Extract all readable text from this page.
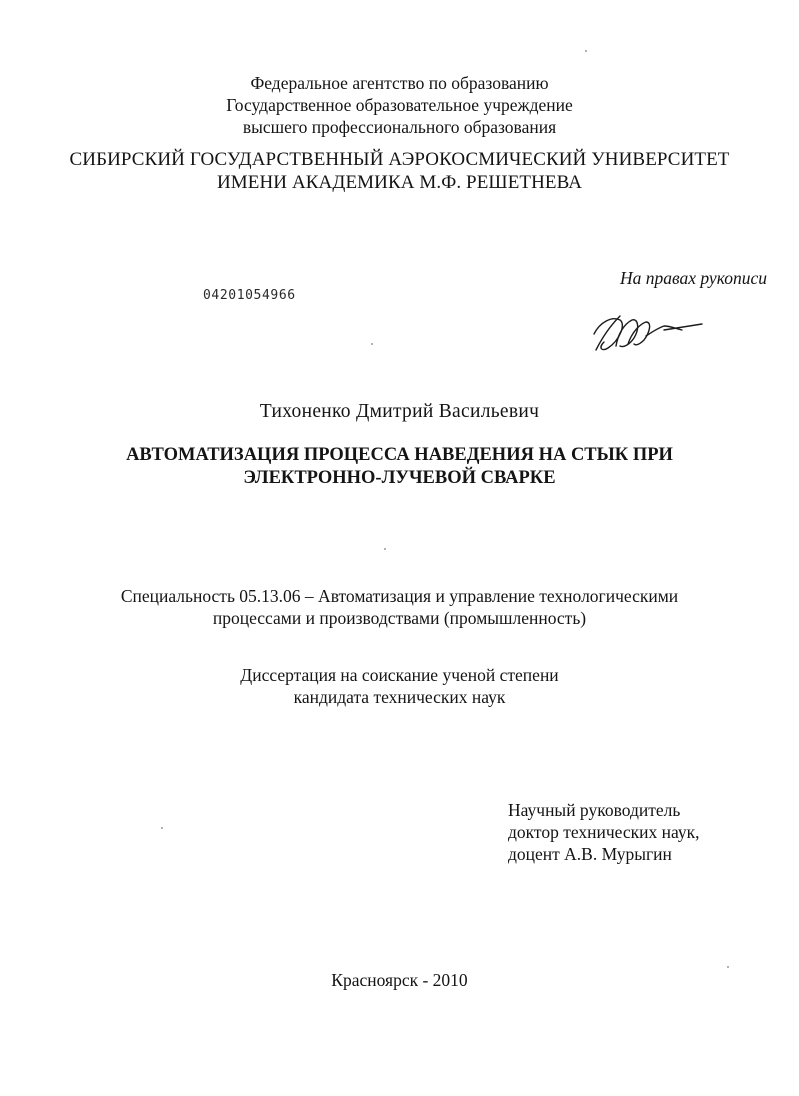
Федеральное агентство по образованию
Государственное образовательное учреждение
высшего профессионального образования
СИБИРСКИЙ ГОСУДАРСТВЕННЫЙ АЭРОКОСМИЧЕСКИЙ УНИВЕРСИТЕТ
ИМЕНИ АКАДЕМИКА М.Ф. РЕШЕТНЕВА
На правах рукописи
04201054966
Тихоненко Дмитрий Васильевич
АВТОМАТИЗАЦИЯ ПРОЦЕССА НАВЕДЕНИЯ НА СТЫК ПРИ
ЭЛЕКТРОННО-ЛУЧЕВОЙ СВАРКЕ
Специальность 05.13.06 – Автоматизация и управление технологическими
процессами и производствами (промышленность)
Диссертация на соискание ученой степени
кандидата технических наук
Научный руководитель
доктор технических наук,
доцент А.В. Мурыгин
Красноярск - 2010
